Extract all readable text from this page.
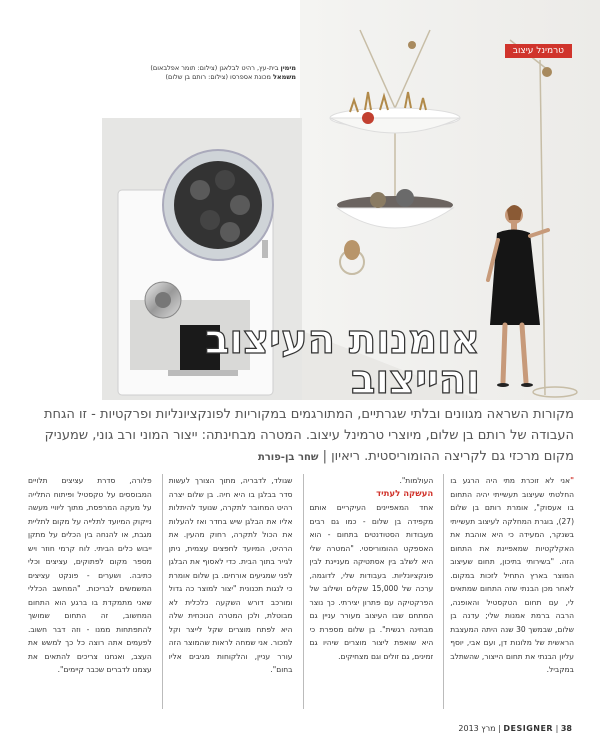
טרמינל עיצוב
מימין בית-עץ, רהיט לבלאגן (צילום: תומר אפלבאום)
משמאל מכונת אספרסו (צילום: רותם בן שלום)
אומנות העיצוב
והייצוב
מקורות השראה מגוונים ובלתי שגרתיים, המתורגמים במקוריות לפונקציונליות ופרקטיות - זו הגחת העבודה של רותם בן שלום, מיוצרי טרמינל עיצוב. המטרה מבחינתה: ייצור המוני ורב גוני, שמעניק מקום מרכזי גם לקריצה ההומוריסטית. ריאיון | שחר בן-פורת
"אני לא זוכרת מתי היה הרגע בו החלטתי שעיצוב תעשייתי יהיה התחום בו אעסוק", אומרת רותם בן שלום (27), בוגרת המחלקה לעיצוב תעשייתי בשנקר, המעידה כי היא אוהבת את האקלקטיות שמאפיינת את התחום הזה. "בשירותי בתיכון, תחום שעיצוב המוצר בארץ התחיל לזכות במקום. לאחר מכן הבנתי שזה התחום שמתאים לי, עם תחום הטקסטיל והאופנה, הרבה ברמת אמנות שלי; עדנה בן שלום, שבמשך 30 שנה היתה המעצבת הראשית של מלונות דן, ועם אבי, יוסף עליון הבנתי את תחום הייצור, שהשתלב במקביל.
העולמות".
העשקה לעתיד
אחד המאפיינים העיקריים אותם מקפידה בן שלום - כמו גם רבים מעבודות הסטודנטים בתחום - הוא האספקט ההומוריסטי. "המטרה שלי היא לשלב בין אסתטיקה מעניינת לבין פונקציונליות. בעבודות שלי, לדוגמה, ערכה של 15,000 שקלים ושילוב של הפרקטיקה עם פתרון יצירתי. כך נוצר המתחם שבו העיצוב מעורר עניין גם מבחינה רגשית". בן שלום מספרת כי היא שואפת ליצור מוצרים שיהיו גם זמינים, גם זולים וגם מצחיקים.
שגולד, לדבריה, מתוך הצורך לעשות סדר בבלגן בו היא חיה. בן שלום יצרה רהיט המחובר לתקרה, שנועד להיתלות אליו את הבלגן שיש בחדר ואז להעלות את הכול לתקרה, רחוק מהעין. את הרהיט, המיועד לחפצים עצמית, ניתן לגייר בתוך הבית. כדי לאסוף את הבלגן לפני שמגיעים אורחים. בן שלום אומרת כי לנגות תכנונית "יצור למוצר כה גדול ומורכב דורש השקעה כלכלית לא מבוטלת, ולכן המטרה הנוכחית שלה היא לפתח מוצרים שקל לייצר וקל למכור. אני שמחה לראות שהמוצר הזה עורר עניין, והלקוחות מגיבים אליו בחום".
פלורה, סדרת עציצים תלויים המבוססים על טקסטיל ופיתוח התלייה על מעקה המרפסת, מתוך ליוויי מעשה נייקוק המיועד לתלייה על מקום לתליית מגבת, או להנחה בין הכלים על מתקן ייבוש כלים הביתי. לוח קרמי חוזר ויש מספר מקום לפתוקים, עציצים וכלי כתיבה. ושערים - פונקט עציצים המשמשים לבריכות. "המחשב הכללי שאני מתמקדת בו ברגע הוא התחום המחשוב, זה התחום שמושך להתפתחות ממנו - וזה דבר חשוב. לפעמים אתה רוצה כל כך למשש את העצב, ואנחנו צריכים להתאים את עצמנו לדברים שכבר קיימים".
38 | DESIGNER | מרץ 2013
